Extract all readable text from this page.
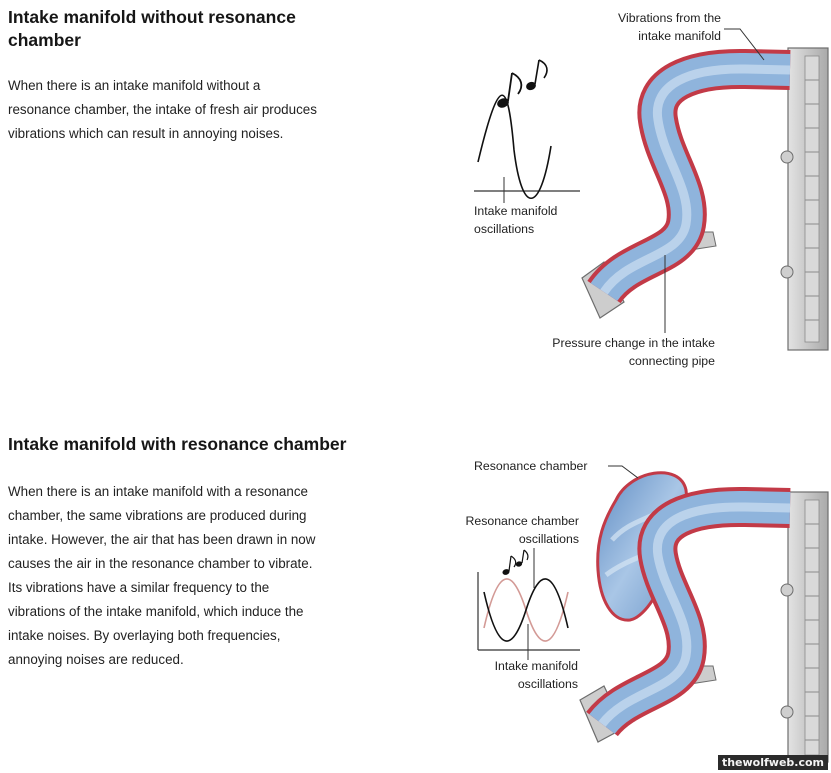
Intake manifold without resonance
chamber

When there is an intake manifold without a
resonance chamber, the intake of fresh air produces
vibrations which can result in annoying noises.

Intake manifold with resonance chamber

When there is an intake manifold with a resonance
chamber, the same vibrations are produced during
intake. However, the air that has been drawn in now
causes the air in the resonance chamber to vibrate.
Its vibrations have a similar frequency to the
vibrations of the intake manifold, which induce the
intake noises. By overlaying both frequencies,
annoying noises are reduced.

Vibrations from the
intake manifold
Intake manifold
oscillations
Pressure change in the intake
connecting pipe
Resonance chamber
Resonance chamber
oscillations
Intake manifold
oscillations
thewolfweb.com
